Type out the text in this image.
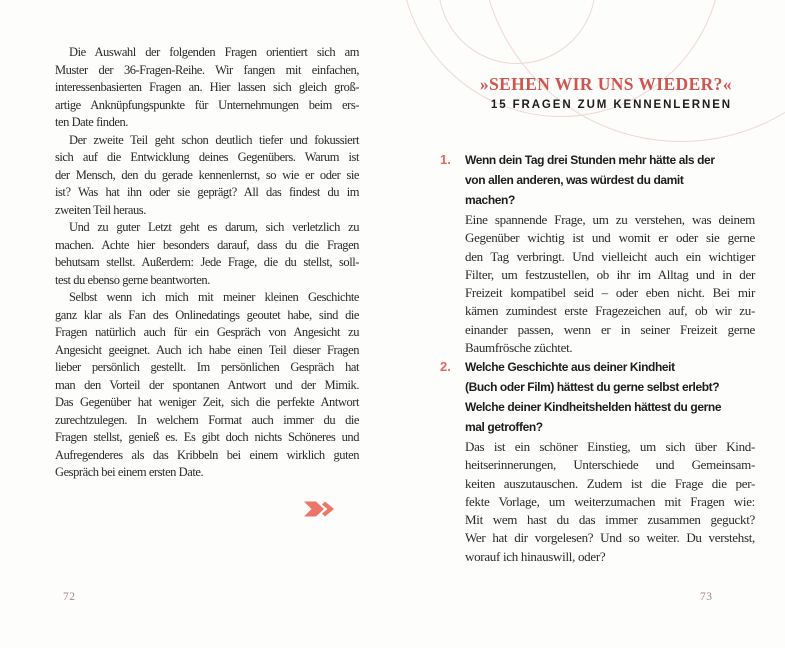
Die Auswahl der folgenden Fragen orientiert sich am
Muster der 36-Fragen-Reihe. Wir fangen mit einfachen,
interessenbasierten Fragen an. Hier lassen sich gleich groß-
artige Anknüpfungspunkte für Unternehmungen beim ers-
ten Date finden.
Der zweite Teil geht schon deutlich tiefer und fokussiert
sich auf die Entwicklung deines Gegenübers. Warum ist
der Mensch, den du gerade kennenlernst, so wie er oder sie
ist? Was hat ihn oder sie geprägt? All das findest du im
zweiten Teil heraus.
Und zu guter Letzt geht es darum, sich verletzlich zu
machen. Achte hier besonders darauf, dass du die Fragen
behutsam stellst. Außerdem: Jede Frage, die du stellst, soll-
test du ebenso gerne beantworten.
Selbst wenn ich mich mit meiner kleinen Geschichte
ganz klar als Fan des Onlinedatings geoutet habe, sind die
Fragen natürlich auch für ein Gespräch von Angesicht zu
Angesicht geeignet. Auch ich habe einen Teil dieser Fragen
lieber persönlich gestellt. Im persönlichen Gespräch hat
man den Vorteil der spontanen Antwort und der Mimik.
Das Gegenüber hat weniger Zeit, sich die perfekte Antwort
zurechtzulegen. In welchem Format auch immer du die
Fragen stellst, genieß es. Es gibt doch nichts Schöneres und
Aufregenderes als das Kribbeln bei einem wirklich guten
Gespräch bei einem ersten Date.
»SEHEN WIR UNS WIEDER?«
15 FRAGEN ZUM KENNENLERNEN
1.	Wenn dein Tag drei Stunden mehr hätte als der
von allen anderen, was würdest du damit
machen?
Eine spannende Frage, um zu verstehen, was deinem
Gegenüber wichtig ist und womit er oder sie gerne
den Tag verbringt. Und vielleicht auch ein wichtiger
Filter, um festzustellen, ob ihr im Alltag und in der
Freizeit kompatibel seid – oder eben nicht. Bei mir
kämen zumindest erste Fragezeichen auf, ob wir zu-
einander passen, wenn er in seiner Freizeit gerne
Baumfrösche züchtet.
2.	Welche Geschichte aus deiner Kindheit
(Buch oder Film) hättest du gerne selbst erlebt?
Welche deiner Kindheitshelden hättest du gerne
mal getroffen?
Das ist ein schöner Einstieg, um sich über Kind-
heitserinnerungen, Unterschiede und Gemeinsam-
keiten auszutauschen. Zudem ist die Frage die per-
fekte Vorlage, um weiterzumachen mit Fragen wie:
Mit wem hast du das immer zusammen geguckt?
Wer hat dir vorgelesen? Und so weiter. Du verstehst,
worauf ich hinauswill, oder?
72	73
